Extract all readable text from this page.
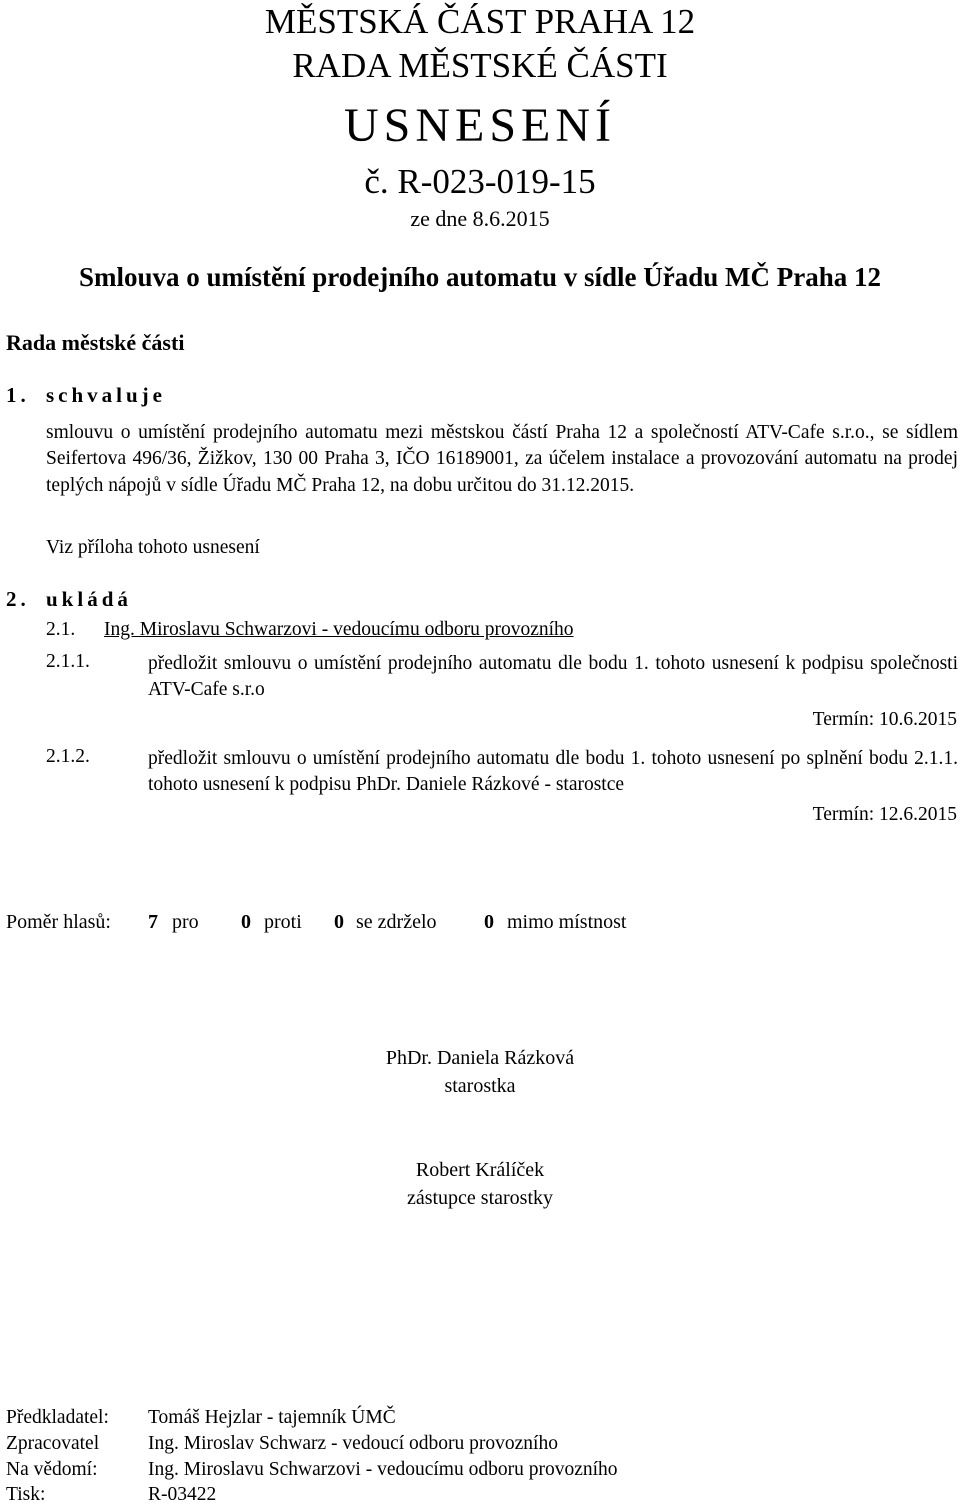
MĚSTSKÁ ČÁST PRAHA 12
RADA MĚSTSKÉ ČÁSTI
USNESENÍ
č. R-023-019-15
ze dne 8.6.2015
Smlouva o umístění prodejního automatu v sídle Úřadu MČ Praha 12
Rada městské části
1. schvaluje
smlouvu o umístění prodejního automatu mezi městskou částí Praha 12 a společností ATV-Cafe s.r.o., se sídlem Seifertova 496/36, Žižkov, 130 00 Praha 3, IČO 16189001, za účelem instalace a provozování automatu na prodej teplých nápojů v sídle Úřadu MČ Praha 12, na dobu určitou do 31.12.2015.
Viz příloha tohoto usnesení
2. ukládá
2.1. Ing. Miroslavu Schwarzovi - vedoucímu odboru provozního
2.1.1.	předložit smlouvu o umístění prodejního automatu dle bodu 1. tohoto usnesení k podpisu společnosti ATV-Cafe s.r.o
Termín: 10.6.2015
2.1.2.	předložit smlouvu o umístění prodejního automatu dle bodu 1. tohoto usnesení po splnění bodu 2.1.1. tohoto usnesení k podpisu PhDr. Daniele Rázkové - starostce
Termín: 12.6.2015
Poměr hlasů: 7 pro 0 proti 0 se zdrželo 0 mimo místnost
PhDr. Daniela Rázková
starostka
Robert Králíček
zástupce starostky
Předkladatel: Tomáš Hejzlar - tajemník ÚMČ
Zpracovatel	Ing. Miroslav Schwarz - vedoucí odboru provozního
Na vědomí:	Ing. Miroslavu Schwarzovi - vedoucímu odboru provozního
Tisk:	R-03422
